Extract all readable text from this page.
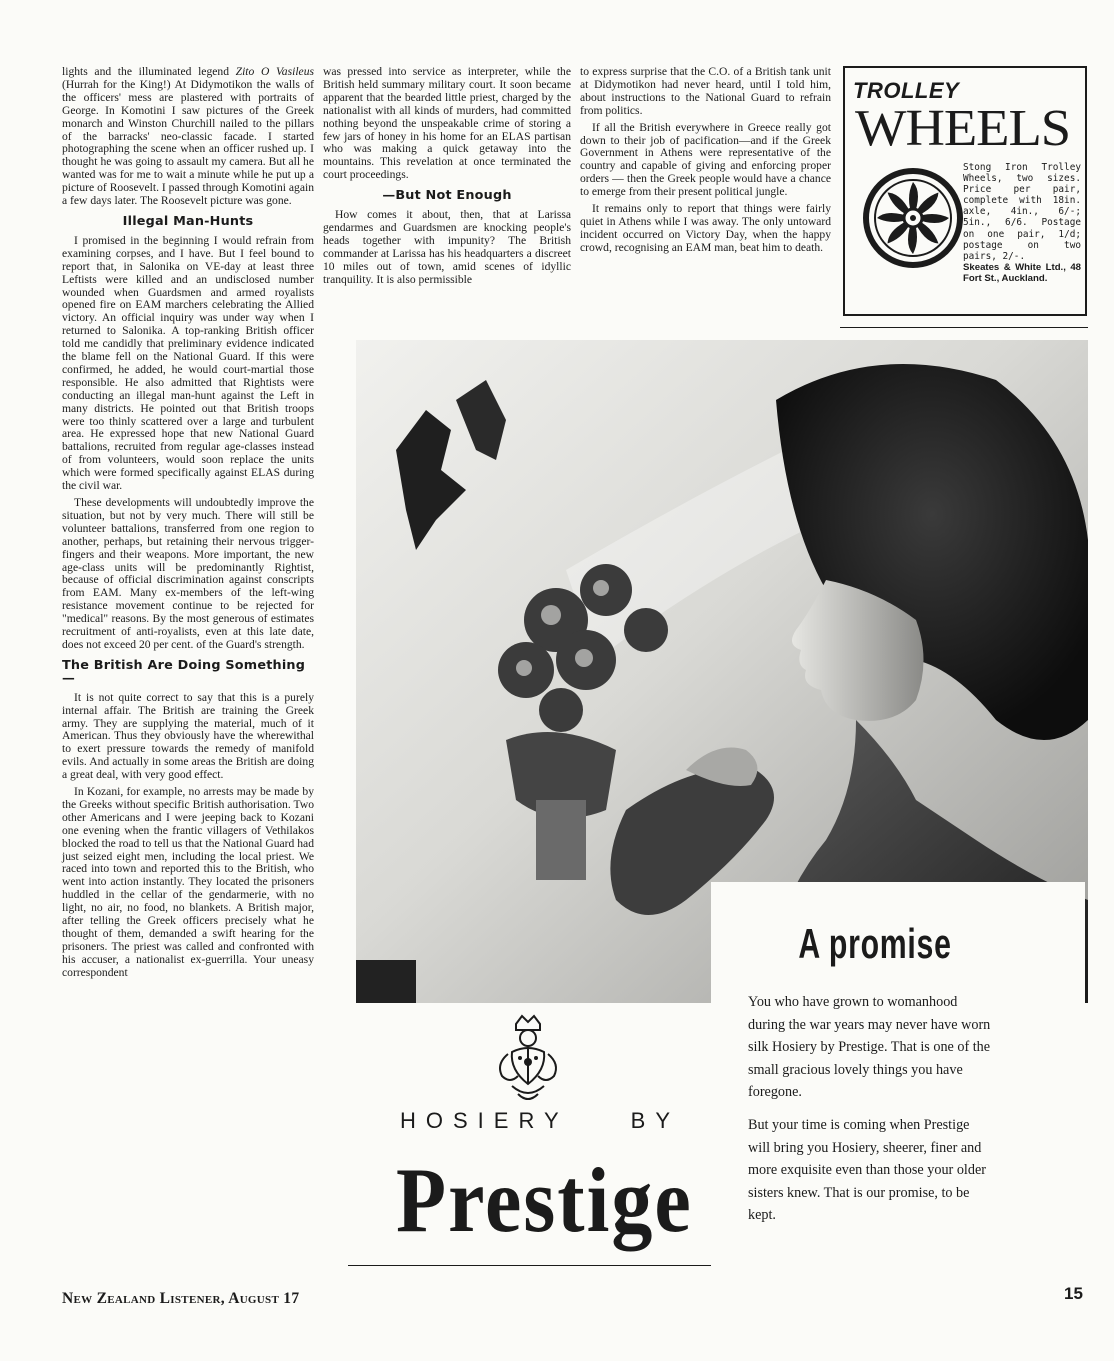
lights and the illuminated legend Zito O Vasileus (Hurrah for the King!) At Didymotikon the walls of the officers' mess are plastered with portraits of George. In Komotini I saw pictures of the Greek monarch and Winston Churchill nailed to the pillars of the barracks' neo-classic facade. I started photographing the scene when an officer rushed up. I thought he was going to assault my camera. But all he wanted was for me to wait a minute while he put up a picture of Roosevelt. I passed through Komotini again a few days later. The Roosevelt picture was gone.

Illegal Man-Hunts

I promised in the beginning I would refrain from examining corpses, and I have. But I feel bound to report that, in Salonika on VE-day at least three Leftists were killed and an undisclosed number wounded when Guardsmen and armed royalists opened fire on EAM marchers celebrating the Allied victory. An official inquiry was under way when I returned to Salonika. A top-ranking British officer told me candidly that preliminary evidence indicated the blame fell on the National Guard. If this were confirmed, he added, he would court-martial those responsible. He also admitted that Rightists were conducting an illegal man-hunt against the Left in many districts. He pointed out that British troops were too thinly scattered over a large and turbulent area. He expressed hope that new National Guard battalions, recruited from regular age-classes instead of from volunteers, would soon replace the units which were formed specifically against ELAS during the civil war.

These developments will undoubtedly improve the situation, but not by very much. There will still be volunteer battalions, transferred from one region to another, perhaps, but retaining their nervous trigger-fingers and their weapons. More important, the new age-class units will be predominantly Rightist, because of official discrimination against conscripts from EAM. Many ex-members of the left-wing resistance movement continue to be rejected for "medical" reasons. By the most generous of estimates recruitment of anti-royalists, even at this late date, does not exceed 20 per cent. of the Guard's strength.

The British Are Doing Something—

It is not quite correct to say that this is a purely internal affair. The British are training the Greek army. They are supplying the material, much of it American. Thus they obviously have the wherewithal to exert pressure towards the remedy of manifold evils. And actually in some areas the British are doing a great deal, with very good effect.

In Kozani, for example, no arrests may be made by the Greeks without specific British authorisation. Two other Americans and I were jeeping back to Kozani one evening when the frantic villagers of Vethilakos blocked the road to tell us that the National Guard had just seized eight men, including the local priest. We raced into town and reported this to the British, who went into action instantly. They located the prisoners huddled in the cellar of the gendarmerie, with no light, no air, no food, no blankets. A British major, after telling the Greek officers precisely what he thought of them, demanded a swift hearing for the prisoners. The priest was called and confronted with his accuser, a nationalist ex-guerrilla. Your uneasy correspondent

was pressed into service as interpreter, while the British held summary military court. It soon became apparent that the bearded little priest, charged by the nationalist with all kinds of murders, had committed nothing beyond the unspeakable crime of storing a few jars of honey in his home for an ELAS partisan who was making a quick getaway into the mountains. This revelation at once terminated the court proceedings.

—But Not Enough

How comes it about, then, that at Larissa gendarmes and Guardsmen are knocking people's heads together with impunity? The British commander at Larissa has his headquarters a discreet 10 miles out of town, amid scenes of idyllic tranquility. It is also permissible

to express surprise that the C.O. of a British tank unit at Didymotikon had never heard, until I told him, about instructions to the National Guard to refrain from politics.

If all the British everywhere in Greece really got down to their job of pacification—and if the Greek Government in Athens were representative of the country and capable of giving and enforcing proper orders — then the Greek people would have a chance to emerge from their present political jungle.

It remains only to report that things were fairly quiet in Athens while I was away. The only untoward incident occurred on Victory Day, when the happy crowd, recognising an EAM man, beat him to death.

TROLLEY
WHEELS
Stong Iron Trolley Wheels, two sizes. Price per pair, complete with 18in. axle, 4in., 6/-; 5in., 6/6. Postage on one pair, 1/d; postage on two pairs, 2/-.
Skeates & White Ltd., 48 Fort St., Auckland.
A promise
You who have grown to womanhood during the war years may never have worn silk Hosiery by Prestige. That is one of the small gracious lovely things you have foregone.
But your time is coming when Prestige will bring you Hosiery, sheerer, finer and more exquisite even than those your older sisters knew. That is our promise, to be kept.
HOSIERY	BY
Prestige
New Zealand Listener, August 17	15
